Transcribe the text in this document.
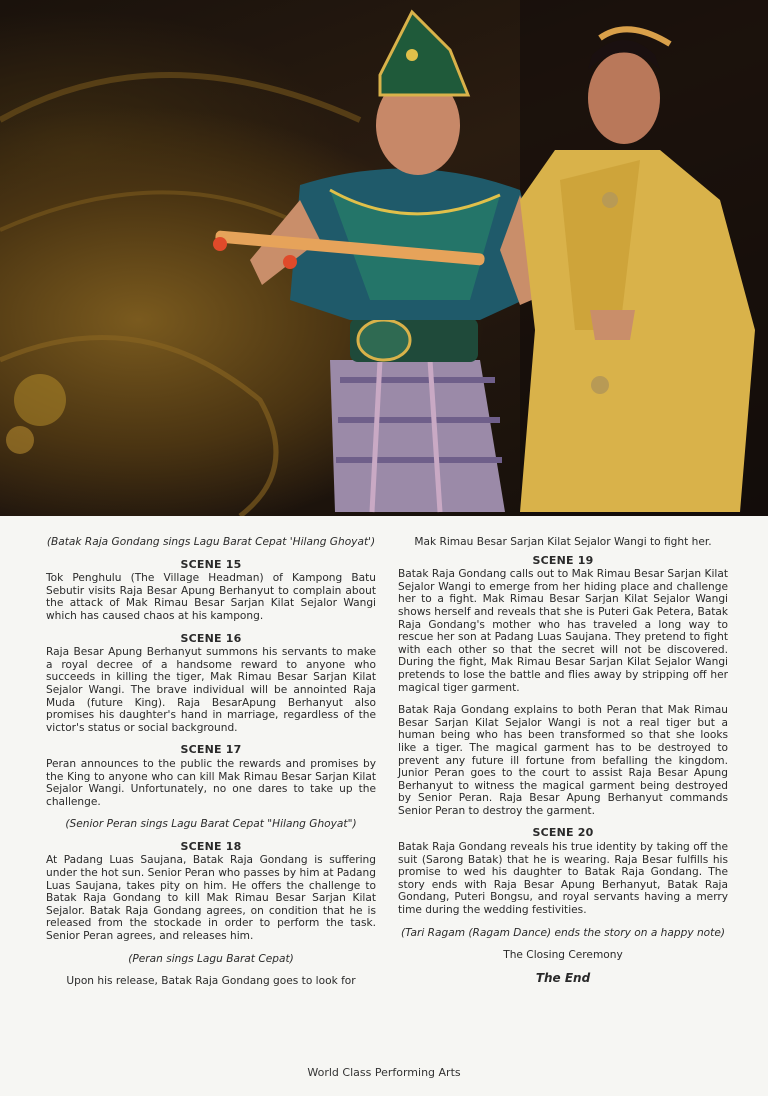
(Batak Raja Gondang sings Lagu Barat Cepat 'Hilang Ghoyat')

SCENE 15

Tok Penghulu (The Village Headman) of Kampong Batu Sebutir visits Raja Besar Apung Berhanyut to complain about the attack of Mak Rimau Besar Sarjan Kilat Sejalor Wangi which has caused chaos at his kampong.

SCENE 16

Raja Besar Apung Berhanyut summons his servants to make a royal decree of a handsome reward to anyone who succeeds in killing the tiger, Mak Rimau Besar Sarjan Kilat Sejalor Wangi. The brave individual will be annointed Raja Muda (future King). Raja BesarApung Berhanyut also promises his daughter's hand in marriage, regardless of the victor's status or social background.

SCENE 17

Peran announces to the public the rewards and promises by the King to anyone who can kill Mak Rimau Besar Sarjan Kilat Sejalor Wangi. Unfortunately, no one dares to take up the challenge.

(Senior Peran sings Lagu Barat Cepat "Hilang Ghoyat")

SCENE 18

At Padang Luas Saujana, Batak Raja Gondang is suffering under the hot sun. Senior Peran who passes by him at Padang Luas Saujana, takes pity on him. He offers the challenge to Batak Raja Gondang to kill Mak Rimau Besar Sarjan Kilat Sejalor. Batak Raja Gondang agrees, on condition that he is released from the stockade in order to perform the task. Senior Peran agrees, and releases him.

(Peran sings Lagu Barat Cepat)

Upon his release, Batak Raja Gondang goes to look for

Mak Rimau Besar Sarjan Kilat Sejalor Wangi to fight her.

SCENE 19

Batak Raja Gondang calls out to Mak Rimau Besar Sarjan Kilat Sejalor Wangi to emerge from her hiding place and challenge her to a fight. Mak Rimau Besar Sarjan Kilat Sejalor Wangi shows herself and reveals that she is Puteri Gak Petera, Batak Raja Gondang's mother who has traveled a long way to rescue her son at Padang Luas Saujana. They pretend to fight with each other so that the secret will not be discovered. During the fight, Mak Rimau Besar Sarjan Kilat Sejalor Wangi pretends to lose the battle and flies away by stripping off her magical tiger garment.

Batak Raja Gondang explains to both Peran that Mak Rimau Besar Sarjan Kilat Sejalor Wangi is not a real tiger but a human being who has been transformed so that she looks like a tiger. The magical garment has to be destroyed to prevent any future ill fortune from befalling the kingdom. Junior Peran goes to the court to assist Raja Besar Apung Berhanyut to witness the magical garment being destroyed by Senior Peran. Raja Besar Apung Berhanyut commands Senior Peran to destroy the garment.

SCENE 20

Batak Raja Gondang reveals his true identity by taking off the suit (Sarong Batak) that he is wearing. Raja Besar fulfills his promise to wed his daughter to Batak Raja Gondang. The story ends with Raja Besar Apung Berhanyut, Batak Raja Gondang, Puteri Bongsu, and royal servants having a merry time during the wedding festivities.

(Tari Ragam (Ragam Dance) ends the story on a happy note)

The Closing Ceremony

The End
World Class Performing Arts
